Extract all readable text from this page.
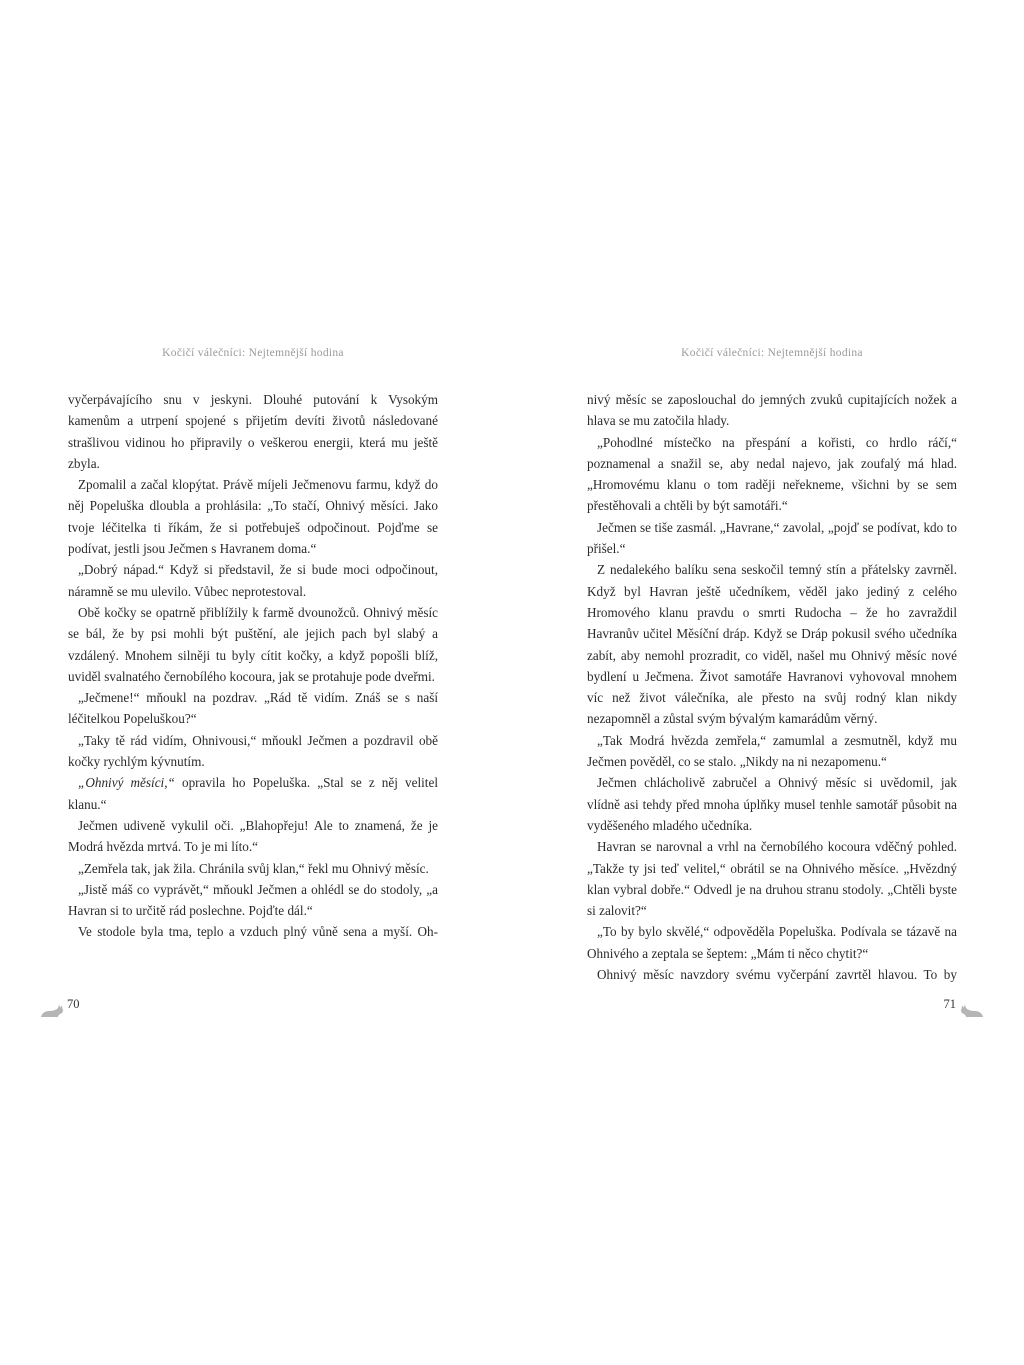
Kočičí válečníci: Nejtemnější hodina

vyčerpávajícího snu v jeskyni. Dlouhé putování k Vysokým kamenům a utrpení spojené s přijetím devíti životů následované strašlivou vidinou ho připravily o veškerou energii, která mu ještě zbyla.

Zpomalil a začal klopýtat. Právě míjeli Ječmenovu farmu, když do něj Popeluška dloubla a prohlásila: „To stačí, Ohnivý měsíci. Jako tvoje léčitelka ti říkám, že si potřebuješ odpočinout. Pojďme se podívat, jestli jsou Ječmen s Havranem doma.“

„Dobrý nápad.“ Když si představil, že si bude moci odpočinout, náramně se mu ulevilo. Vůbec neprotestoval.

Obě kočky se opatrně přiblížily k farmě dvounožců. Ohnivý měsíc se bál, že by psi mohli být puštění, ale jejich pach byl slabý a vzdálený. Mnohem silněji tu byly cítit kočky, a když popošli blíž, uviděl svalnatého černobílého kocoura, jak se protahuje pode dveřmi.

„Ječmene!“ mňoukl na pozdrav. „Rád tě vidím. Znáš se s naší léčitelkou Popeluškou?“

„Taky tě rád vidím, Ohnivousi,“ mňoukl Ječmen a pozdravil obě kočky rychlým kývnutím.

„Ohnivý měsíci,“ opravila ho Popeluška. „Stal se z něj velitel klanu.“

Ječmen udiveně vykulil oči. „Blahopřeju! Ale to znamená, že je Modrá hvězda mrtvá. To je mi líto.“

„Zemřela tak, jak žila. Chránila svůj klan,“ řekl mu Ohnivý měsíc.

„Jistě máš co vyprávět,“ mňoukl Ječmen a ohlédl se do stodoly, „a Havran si to určitě rád poslechne. Pojďte dál.“

Ve stodole byla tma, teplo a vzduch plný vůně sena a myší. Oh-

70
Kočičí válečníci: Nejtemnější hodina

nivý měsíc se zaposlouchal do jemných zvuků cupitajících nožek a hlava se mu zatočila hlady.

„Pohodlné místečko na přespání a kořisti, co hrdlo ráčí,“ poznamenal a snažil se, aby nedal najevo, jak zoufalý má hlad. „Hromovému klanu o tom raději neřekneme, všichni by se sem přestěhovali a chtěli by být samotáři.“

Ječmen se tiše zasmál. „Havrane,“ zavolal, „pojď se podívat, kdo to přišel.“

Z nedalekého balíku sena seskočil temný stín a přátelsky zavrněl. Když byl Havran ještě učedníkem, věděl jako jediný z celého Hromového klanu pravdu o smrti Rudocha – že ho zavraždil Havranův učitel Měsíční dráp. Když se Dráp pokusil svého učedníka zabít, aby nemohl prozradit, co viděl, našel mu Ohnivý měsíc nové bydlení u Ječmena. Život samotáře Havranovi vyhovoval mnohem víc než život válečníka, ale přesto na svůj rodný klan nikdy nezapomněl a zůstal svým bývalým kamarádům věrný.

„Tak Modrá hvězda zemřela,“ zamumlal a zesmutněl, když mu Ječmen pověděl, co se stalo. „Nikdy na ni nezapomenu.“

Ječmen chlácholivě zabručel a Ohnivý měsíc si uvědomil, jak vlídně asi tehdy před mnoha úplňky musel tenhle samotář působit na vyděšeného mladého učedníka.

Havran se narovnal a vrhl na černobílého kocoura vděčný pohled. „Takže ty jsi teď velitel,“ obrátil se na Ohnivého měsíce. „Hvězdný klan vybral dobře.“ Odvedl je na druhou stranu stodoly. „Chtěli byste si zalovit?“

„To by bylo skvělé,“ odpověděla Popeluška. Podívala se tázavě na Ohnivého a zeptala se šeptem: „Mám ti něco chytit?“

Ohnivý měsíc navzdory svému vyčerpání zavrtěl hlavou. To by

71
